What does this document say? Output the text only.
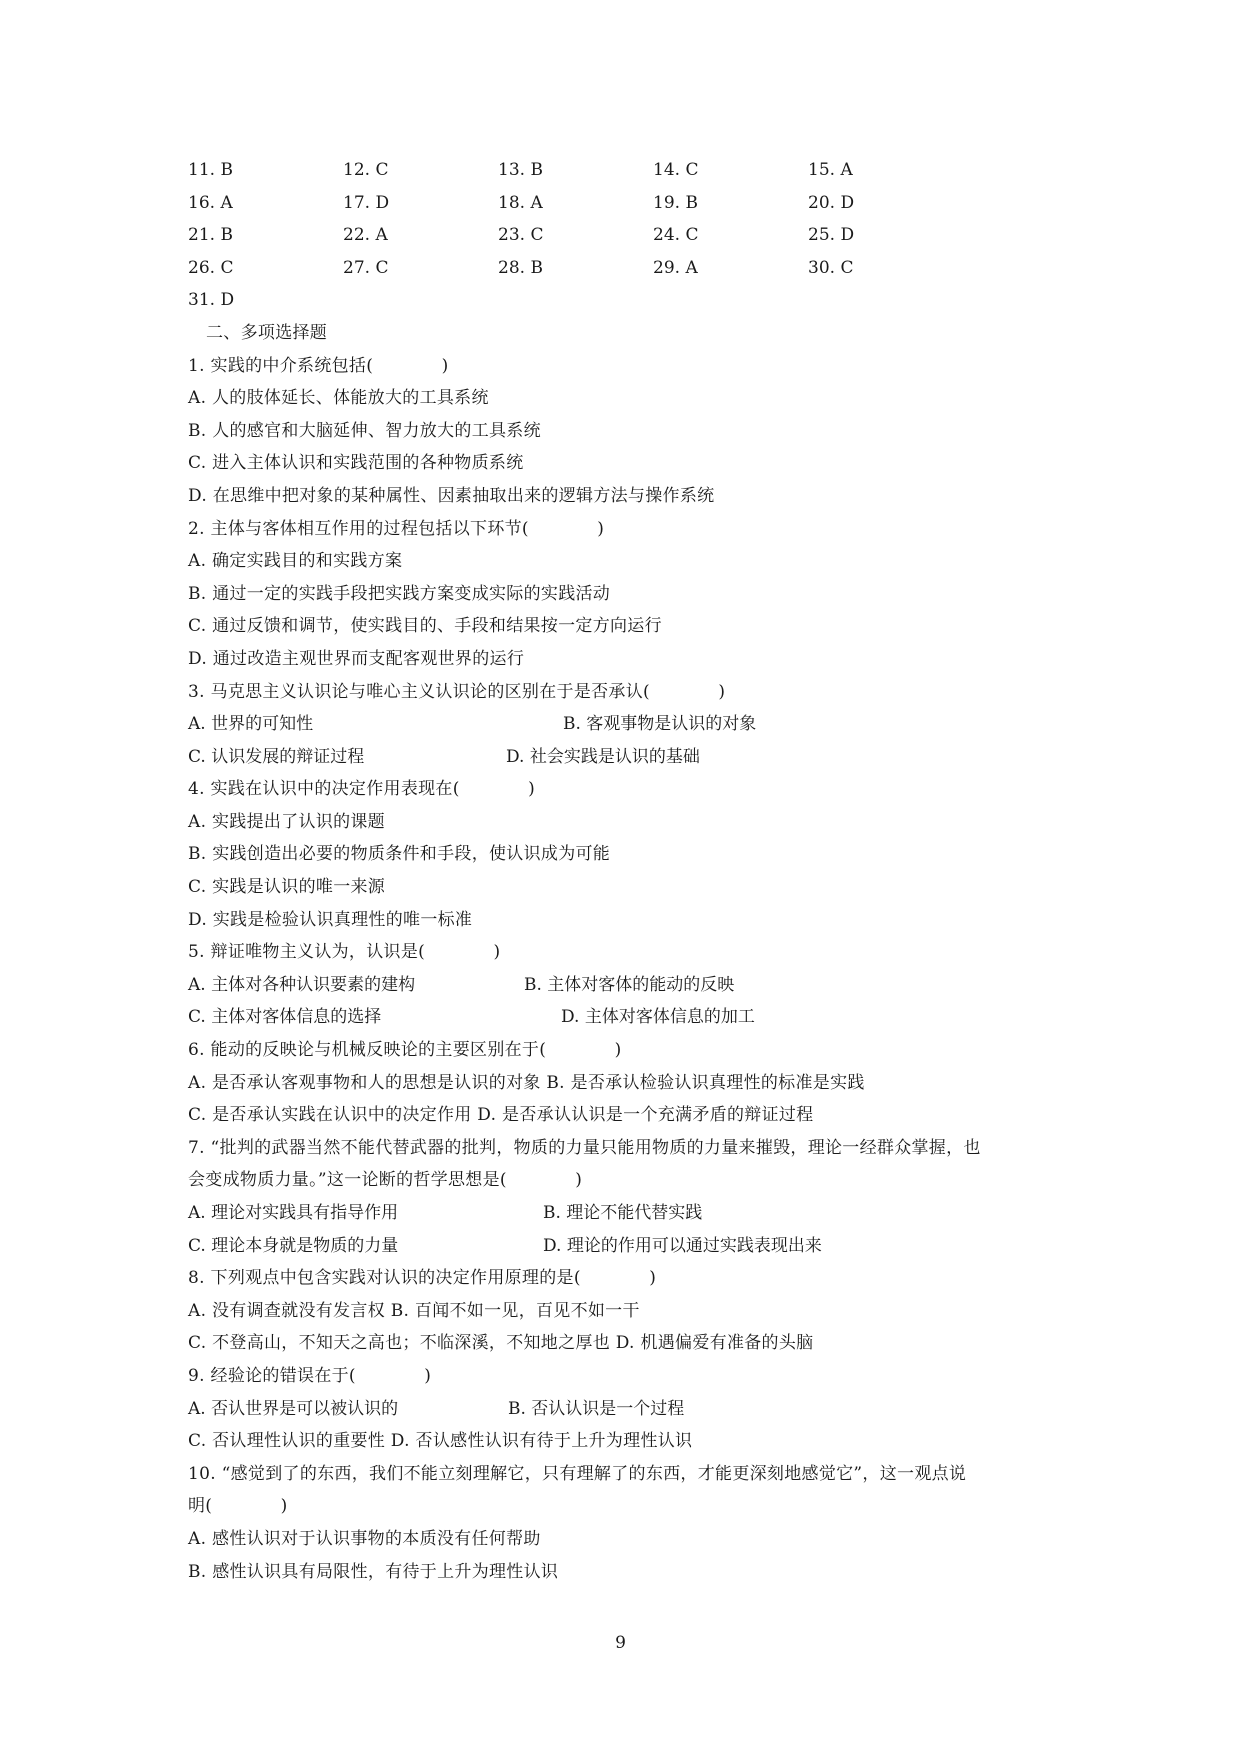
11. B	12. C	13. B	14. C	15. A
16. A	17. D	18. A	19. B	20. D
21. B	22. A	23. C	24. C	25. D
26. C	27. C	28. B	29. A	30. C
31. D
二、多项选择题
1. 实践的中介系统包括(            )
A. 人的肢体延长、体能放大的工具系统
B. 人的感官和大脑延伸、智力放大的工具系统
C. 进入主体认识和实践范围的各种物质系统
D. 在思维中把对象的某种属性、因素抽取出来的逻辑方法与操作系统
2. 主体与客体相互作用的过程包括以下环节(            )
A. 确定实践目的和实践方案
B. 通过一定的实践手段把实践方案变成实际的实践活动
C. 通过反馈和调节，使实践目的、手段和结果按一定方向运行
D. 通过改造主观世界而支配客观世界的运行
3. 马克思主义认识论与唯心主义认识论的区别在于是否承认(            )
A. 世界的可知性	B. 客观事物是认识的对象
C. 认识发展的辩证过程	D. 社会实践是认识的基础
4. 实践在认识中的决定作用表现在(            )
A. 实践提出了认识的课题
B. 实践创造出必要的物质条件和手段，使认识成为可能
C. 实践是认识的唯一来源
D. 实践是检验认识真理性的唯一标准
5. 辩证唯物主义认为，认识是(            )
A. 主体对各种认识要素的建构	B. 主体对客体的能动的反映
C. 主体对客体信息的选择	D. 主体对客体信息的加工
6. 能动的反映论与机械反映论的主要区别在于(            )
A. 是否承认客观事物和人的思想是认识的对象 B. 是否承认检验认识真理性的标准是实践
C. 是否承认实践在认识中的决定作用 D. 是否承认认识是一个充满矛盾的辩证过程
7. “批判的武器当然不能代替武器的批判，物质的力量只能用物质的力量来摧毁，理论一经群众掌握，也
会变成物质力量。”这一论断的哲学思想是(            )
A. 理论对实践具有指导作用	B. 理论不能代替实践
C. 理论本身就是物质的力量	D. 理论的作用可以通过实践表现出来
8. 下列观点中包含实践对认识的决定作用原理的是(            )
A. 没有调查就没有发言权 B. 百闻不如一见，百见不如一干
C. 不登高山，不知天之高也；不临深溪，不知地之厚也 D. 机遇偏爱有准备的头脑
9. 经验论的错误在于(            )
A. 否认世界是可以被认识的	B. 否认认识是一个过程
C. 否认理性认识的重要性 D. 否认感性认识有待于上升为理性认识
10. “感觉到了的东西，我们不能立刻理解它，只有理解了的东西，才能更深刻地感觉它”，这一观点说
明(            )
A. 感性认识对于认识事物的本质没有任何帮助
B. 感性认识具有局限性，有待于上升为理性认识
9
